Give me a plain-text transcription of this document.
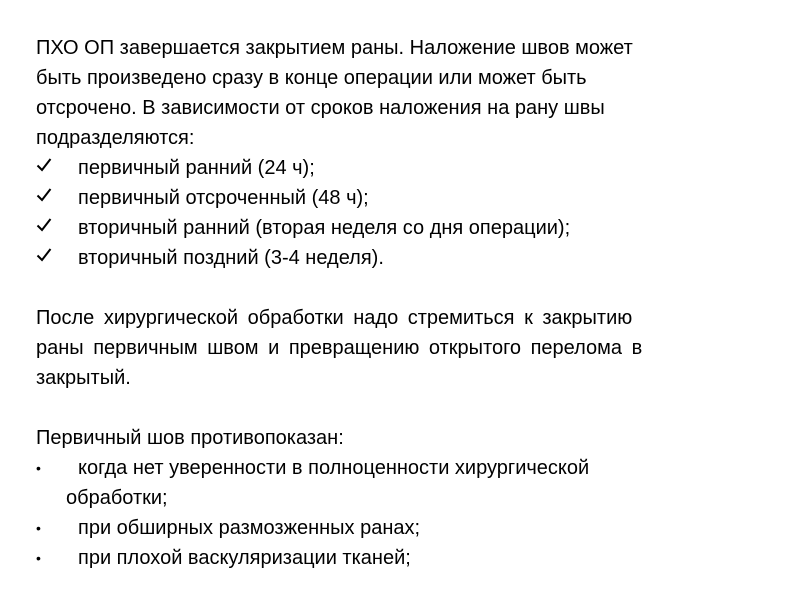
ПХО ОП завершается закрытием раны. Наложение швов может
быть произведено сразу в конце операции или может быть
отсрочено. В зависимости от сроков наложения на рану швы
подразделяются:

первичный ранний (24 ч);
первичный отсроченный (48 ч);
вторичный ранний (вторая неделя со дня операции);
вторичный поздний (3-4 неделя).

После хирургической обработки надо стремиться к закрытию
раны первичным швом и превращению открытого перелома в
закрытый.

Первичный шов противопоказан:

•	когда нет уверенности в полноценности хирургической
обработки;
•	при обширных размозженных ранах;
•	при плохой васкуляризации тканей;
